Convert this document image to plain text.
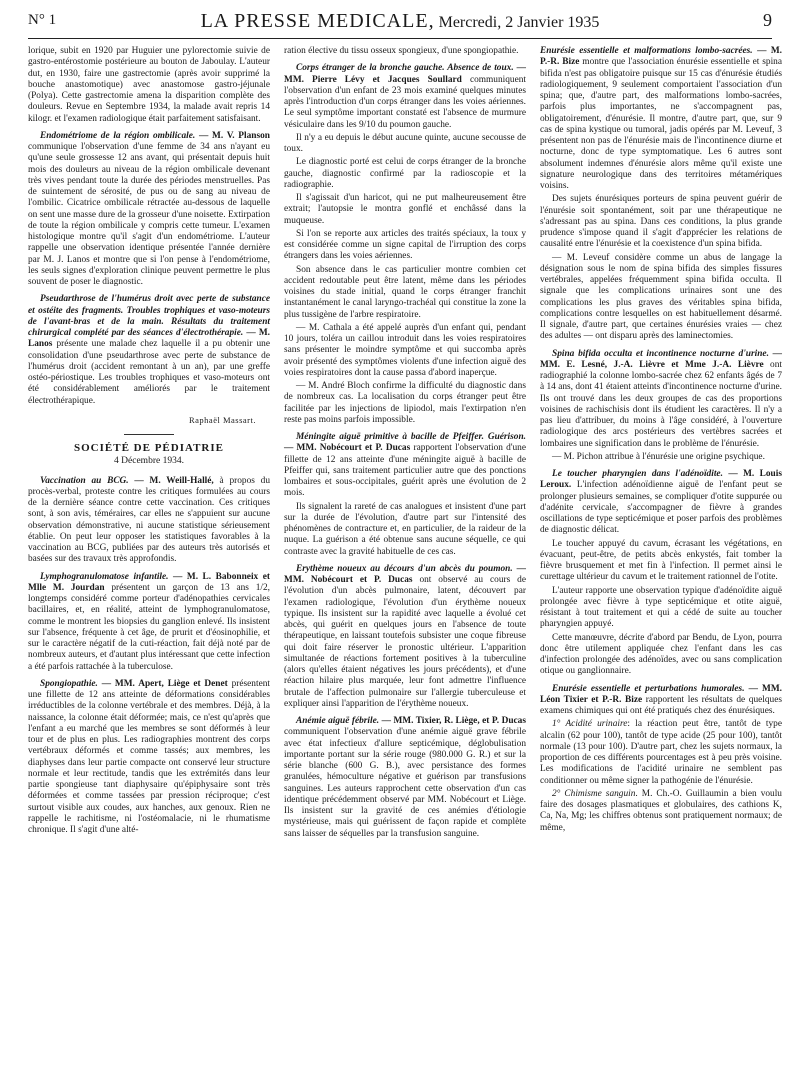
N° 1	LA PRESSE MEDICALE, Mercredi, 2 Janvier 1935	9

lorique, subit en 1920 par Huguier une pylorectomie suivie de gastro-entérostomie postérieure au bouton de Jaboulay. L'auteur dut, en 1930, faire une gastrectomie (après avoir supprimé la bouche anastomotique) avec anastomose gastro-jéjunale (Polya). Cette gastrectomie amena la disparition complète des douleurs. Revue en Septembre 1934, la malade avait repris 14 kilogr. et l'examen radiologique était parfaitement satisfaisant.

Endométriome de la région ombilicale. — M. V. Planson communique l'observation d'une femme de 34 ans n'ayant eu qu'une seule grossesse 12 ans avant, qui présentait depuis huit mois des douleurs au niveau de la région ombilicale devenant très vives pendant toute la durée des périodes menstruelles. Pas de suintement de sérosité, de pus ou de sang au niveau de l'ombilic. Cicatrice ombilicale rétractée au-dessous de laquelle on sent une masse dure de la grosseur d'une noisette. Extirpation de toute la région ombilicale y compris cette tumeur. L'examen histologique montre qu'il s'agit d'un endométriome. L'auteur rappelle une observation identique présentée l'année dernière par M. J. Lanos et montre que si l'on pense à l'endométriome, les seuls signes d'exploration clinique peuvent permettre le plus souvent de poser le diagnostic.

Pseudarthrose de l'humérus droit avec perte de substance et ostéite des fragments. Troubles trophiques et vaso-moteurs de l'avant-bras et de la main. Résultats du traitement chirurgical complété par des séances d'électrothérapie. — M. Lanos présente une malade chez laquelle il a pu obtenir une consolidation d'une pseudarthrose avec perte de substance de l'humérus droit (accident remontant à un an), par une greffe ostéo-périostique. Les troubles trophiques et vaso-moteurs ont été considérablement améliorés par le traitement électrothérapique.

Raphaël Massart.
SOCIÉTÉ DE PÉDIATRIE
4 Décembre 1934.

Vaccination au BCG. — M. Weill-Hallé, à propos du procès-verbal, proteste contre les critiques formulées au cours de la dernière séance contre cette vaccination. Ces critiques sont, à son avis, téméraires, car elles ne s'appuient sur aucune observation démonstrative, ni aucune statistique sérieusement établie. On peut leur opposer les statistiques favorables à la vaccination au BCG, publiées par des auteurs très autorisés et basées sur des travaux très approfondis.

Lymphogranulomatose infantile. — M. L. Babonneix et Mlle M. Jourdan présentent un garçon de 13 ans 1/2, longtemps considéré comme porteur d'adénopathies cervicales bacillaires, et, en réalité, atteint de lymphogranulomatose, comme le montrent les biopsies du ganglion enlevé. Ils insistent sur l'absence, fréquente à cet âge, de prurit et d'éosinophilie, et sur le caractère négatif de la cuti-réaction, fait déjà noté par de nombreux auteurs, et d'autant plus intéressant que cette infection a été parfois rattachée à la tuberculose.

Spongiopathie. — MM. Apert, Liège et Denet présentent une fillette de 12 ans atteinte de déformations considérables irréductibles de la colonne vertébrale et des membres. Déjà, à la naissance, la colonne était déformée; mais, ce n'est qu'après que l'enfant a eu marché que les membres se sont déformés à leur tour et de plus en plus. Les radiographies montrent des corps vertébraux déformés et comme tassés; aux membres, les diaphyses dans leur partie compacte ont conservé leur structure normale et leur rectitude, tandis que les extrémités dans leur partie spongieuse tant diaphysaire qu'épiphysaire sont très déformées et comme tassées par pression réciproque; c'est surtout visible aux coudes, aux hanches, aux genoux. Rien ne rappelle le rachitisme, ni l'ostéomalacie, ni le rhumatisme chronique. Il s'agit d'une alté-

ration élective du tissu osseux spongieux, d'une spongiopathie.

Corps étranger de la bronche gauche. Absence de toux. — MM. Pierre Lévy et Jacques Soullard communiquent l'observation d'un enfant de 23 mois examiné quelques minutes après l'introduction d'un corps étranger dans les voies aériennes. Le seul symptôme important constaté est l'absence de murmure vésiculaire dans les 9/10 du poumon gauche.

Il n'y a eu depuis le début aucune quinte, aucune secousse de toux.

Le diagnostic porté est celui de corps étranger de la bronche gauche, diagnostic confirmé par la radioscopie et la radiographie.

Il s'agissait d'un haricot, qui ne put malheureusement être extrait; l'autopsie le montra gonflé et enchâssé dans la muqueuse.

Si l'on se reporte aux articles des traités spéciaux, la toux y est considérée comme un signe capital de l'irruption des corps étrangers dans les voies aériennes.

Son absence dans le cas particulier montre combien cet accident redoutable peut être latent, même dans les périodes voisines du stade initial, quand le corps étranger franchit instantanément le canal laryngo-trachéal qui constitue la zone la plus tussigène de l'arbre respiratoire.

— M. Cathala a été appelé auprès d'un enfant qui, pendant 10 jours, toléra un caillou introduit dans les voies respiratoires sans présenter le moindre symptôme et qui succomba après avoir présenté des symptômes violents d'une infection aiguë des voies respiratoires dont la cause passa d'abord inaperçue.

— M. André Bloch confirme la difficulté du diagnostic dans de nombreux cas. La localisation du corps étranger peut être facilitée par les injections de lipiodol, mais l'extirpation n'en reste pas moins parfois impossible.

Méningite aiguë primitive à bacille de Pfeiffer. Guérison. — MM. Nobécourt et P. Ducas rapportent l'observation d'une fillette de 12 ans atteinte d'une méningite aiguë à bacille de Pfeiffer qui, sans traitement particulier autre que des ponctions lombaires et sous-occipitales, guérit après une évolution de 2 mois.

Ils signalent la rareté de cas analogues et insistent d'une part sur la durée de l'évolution, d'autre part sur l'intensité des phénomènes de contracture et, en particulier, de la raideur de la nuque. La guérison a été obtenue sans aucune séquelle, ce qui contraste avec la gravité habituelle de ces cas.

Erythème noueux au décours d'un abcès du poumon. — MM. Nobécourt et P. Ducas ont observé au cours de l'évolution d'un abcès pulmonaire, latent, découvert par l'examen radiologique, l'évolution d'un érythème noueux typique. Ils insistent sur la rapidité avec laquelle a évolué cet abcès, qui guérit en quelques jours en l'absence de toute thérapeutique, en laissant toutefois subsister une coque fibreuse qui doit faire réserver le pronostic ultérieur. L'apparition simultanée de réactions fortement positives à la tuberculine (alors qu'elles étaient négatives les jours précédents), et d'une réaction hilaire plus marquée, leur font admettre l'influence brutale de l'affection pulmonaire sur l'allergie tuberculeuse et expliquer ainsi l'apparition de l'érythème noueux.

Anémie aiguë fébrile. — MM. Tixier, R. Liège, et P. Ducas communiquent l'observation d'une anémie aiguë grave fébrile avec état infectieux d'allure septicémique, déglobulisation importante portant sur la série rouge (980.000 G. R.) et sur la série blanche (600 G. B.), avec persistance des formes granulées, hémoculture négative et guérison par transfusions sanguines. Les auteurs rapprochent cette observation d'un cas identique précédemment observé par MM. Nobécourt et Liège. Ils insistent sur la gravité de ces anémies d'étiologie mystérieuse, mais qui guérissent de façon rapide et complète sans laisser de séquelles par la transfusion sanguine.

Enurésie essentielle et malformations lombo-sacrées. — M. P.-R. Bize montre que l'association énurésie essentielle et spina bifida n'est pas obligatoire puisque sur 15 cas d'énurésie étudiés radiologiquement, 9 seulement comportaient l'association d'un spina; que, d'autre part, des malformations lombo-sacrées, parfois plus importantes, ne s'accompagnent pas, obligatoirement, d'énurésie. Il montre, d'autre part, que, sur 9 cas de spina kystique ou tumoral, jadis opérés par M. Leveuf, 3 présentent non pas de l'énurésie mais de l'incontinence diurne et nocturne, donc de type symptomatique. Les 6 autres sont absolument indemnes d'énurésie alors même qu'il existe une signature neurologique dans des territoires métamériques voisins.

Des sujets énurésiques porteurs de spina peuvent guérir de l'énurésie soit spontanément, soit par une thérapeutique ne s'adressant pas au spina. Dans ces conditions, la plus grande prudence s'impose quand il s'agit d'apprécier les relations de causalité entre l'énurésie et la coexistence d'un spina bifida.

— M. Leveuf considère comme un abus de langage la désignation sous le nom de spina bifida des simples fissures vertébrales, appelées fréquemment spina bifida occulta. Il signale que les complications urinaires sont une des complications les plus graves des véritables spina bifida, complications contre lesquelles on est habituellement désarmé. Il signale, d'autre part, que certaines énurésies vraies — chez des adultes — ont disparu après des laminectomies.

Spina bifida occulta et incontinence nocturne d'urine. — MM. E. Lesné, J.-A. Lièvre et Mme J.-A. Lièvre ont radiographié la colonne lombo-sacrée chez 62 enfants âgés de 7 à 14 ans, dont 41 étaient atteints d'incontinence nocturne d'urine. Ils ont trouvé dans les deux groupes de cas des proportions voisines de rachischisis dont ils étudient les caractères. Il n'y a pas lieu d'attribuer, du moins à l'âge considéré, à l'ouverture radiologique des arcs postérieurs des vertèbres sacrées et lombaires une signification dans le problème de l'énurésie.

— M. Pichon attribue à l'énurésie une origine psychique.

Le toucher pharyngien dans l'adénoïdite. — M. Louis Leroux. L'infection adénoïdienne aiguë de l'enfant peut se prolonger plusieurs semaines, se compliquer d'otite suppurée ou d'adénite cervicale, s'accompagner de fièvre à grandes oscillations de type septicémique et poser parfois des problèmes de diagnostic délicat.

Le toucher appuyé du cavum, écrasant les végétations, en évacuant, peut-être, de petits abcès enkystés, fait tomber la fièvre brusquement et met fin à l'infection. Il permet ainsi le curettage ultérieur du cavum et le traitement rationnel de l'otite.

L'auteur rapporte une observation typique d'adénoïdite aiguë prolongée avec fièvre à type septicémique et otite aiguë, résistant à tout traitement et qui a cédé de suite au toucher pharyngien appuyé.

Cette manœuvre, décrite d'abord par Bendu, de Lyon, pourra donc être utilement appliquée chez l'enfant dans les cas d'infection prolongée des adénoïdes, avec ou sans complication otique ou ganglionnaire.

Enurésie essentielle et perturbations humorales. — MM. Léon Tixier et P.-R. Bize rapportent les résultats de quelques examens chimiques qui ont été pratiqués chez des énurésiques.

1° Acidité urinaire: la réaction peut être, tantôt de type alcalin (62 pour 100), tantôt de type acide (25 pour 100), tantôt normale (13 pour 100). D'autre part, chez les sujets normaux, la proportion de ces différents pourcentages est à peu près voisine. Les modifications de l'acidité urinaire ne semblent pas conditionner ou même signer la pathogénie de l'énurésie.

2° Chimisme sanguin. M. Ch.-O. Guillaumin a bien voulu faire des dosages plasmatiques et globulaires, des cathions K, Ca, Na, Mg; les chiffres obtenus sont pratiquement normaux; de même,
